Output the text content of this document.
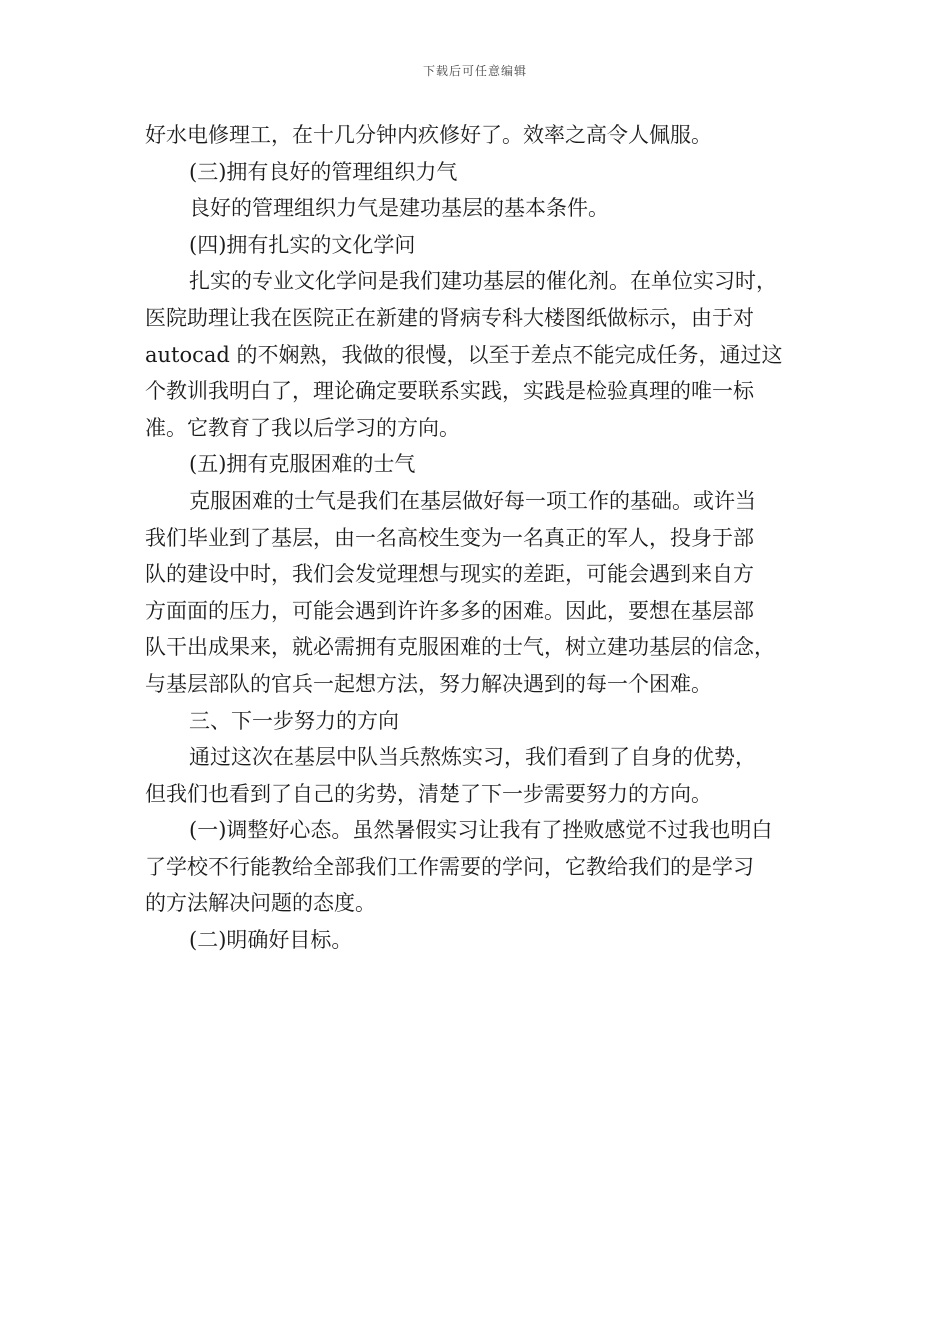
下载后可任意编辑
好水电修理工，在十几分钟内疚修好了。效率之高令人佩服。
(三)拥有良好的管理组织力气
良好的管理组织力气是建功基层的基本条件。
(四)拥有扎实的文化学问
扎实的专业文化学问是我们建功基层的催化剂。在单位实习时，
医院助理让我在医院正在新建的肾病专科大楼图纸做标示，由于对
autocad 的不娴熟，我做的很慢，以至于差点不能完成任务，通过这
个教训我明白了，理论确定要联系实践，实践是检验真理的唯一标
准。它教育了我以后学习的方向。
(五)拥有克服困难的士气
克服困难的士气是我们在基层做好每一项工作的基础。或许当
我们毕业到了基层，由一名高校生变为一名真正的军人，投身于部
队的建设中时，我们会发觉理想与现实的差距，可能会遇到来自方
方面面的压力，可能会遇到许许多多的困难。因此，要想在基层部
队干出成果来，就必需拥有克服困难的士气，树立建功基层的信念，
与基层部队的官兵一起想方法，努力解决遇到的每一个困难。
三、下一步努力的方向
通过这次在基层中队当兵熬炼实习，我们看到了自身的优势，
但我们也看到了自己的劣势，清楚了下一步需要努力的方向。
(一)调整好心态。虽然暑假实习让我有了挫败感觉不过我也明白
了学校不行能教给全部我们工作需要的学问，它教给我们的是学习
的方法解决问题的态度。
(二)明确好目标。
